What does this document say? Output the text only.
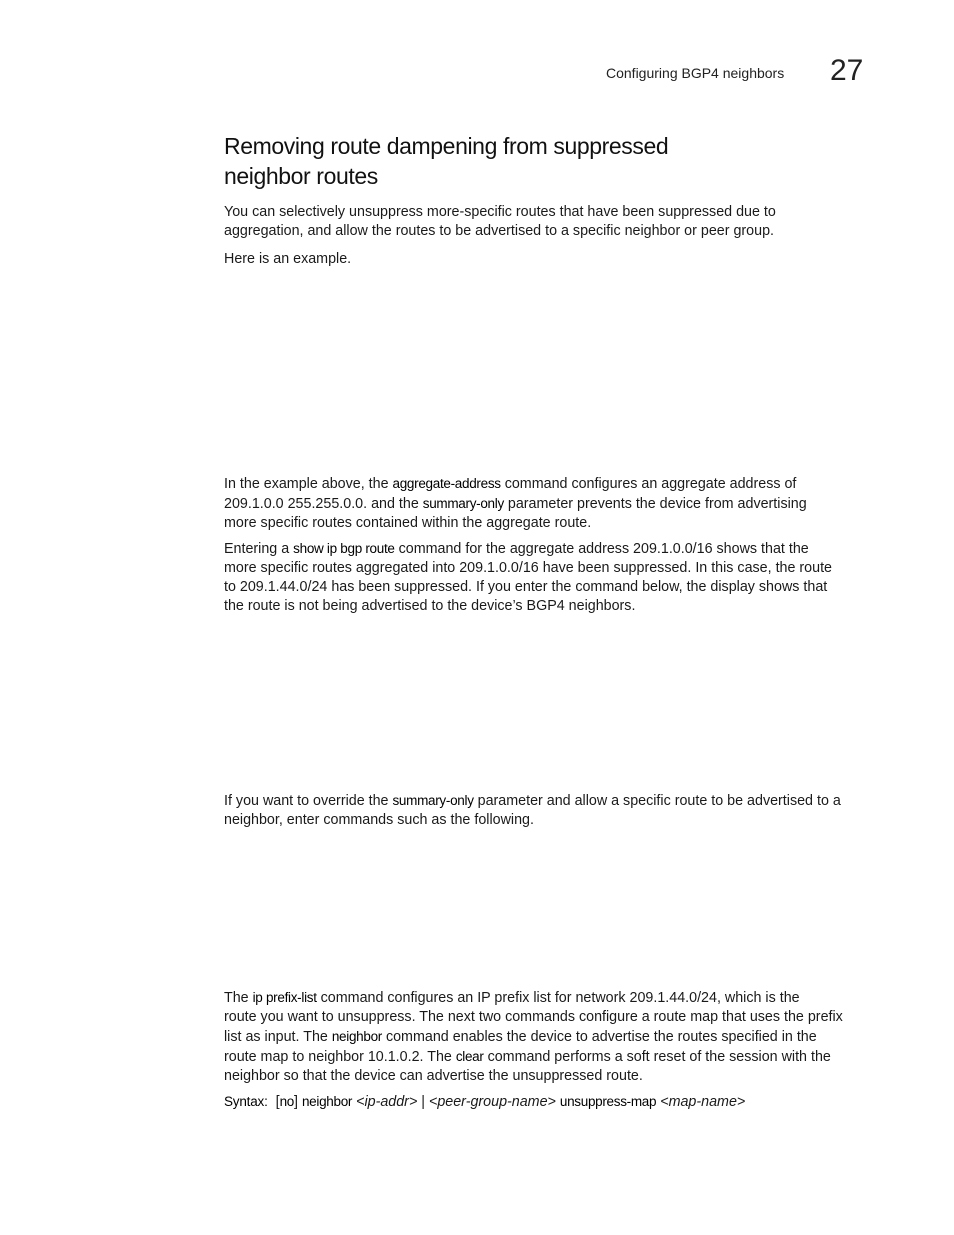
Configuring BGP4 neighbors 27
Removing route dampening from suppressed
neighbor routes

You can selectively unsuppress more-specific routes that have been suppressed due to
aggregation, and allow the routes to be advertised to a specific neighbor or peer group.

Here is an example.

In the example above, the aggregate-address command configures an aggregate address of
209.1.0.0 255.255.0.0. and the summary-only parameter prevents the device from advertising
more specific routes contained within the aggregate route.

Entering a show ip bgp route command for the aggregate address 209.1.0.0/16 shows that the
more specific routes aggregated into 209.1.0.0/16 have been suppressed. In this case, the route
to 209.1.44.0/24 has been suppressed. If you enter the command below, the display shows that
the route is not being advertised to the device’s BGP4 neighbors.

If you want to override the summary-only parameter and allow a specific route to be advertised to a
neighbor, enter commands such as the following.

The ip prefix-list command configures an IP prefix list for network 209.1.44.0/24, which is the
route you want to unsuppress. The next two commands configure a route map that uses the prefix
list as input. The neighbor command enables the device to advertise the routes specified in the
route map to neighbor 10.1.0.2. The clear command performs a soft reset of the session with the
neighbor so that the device can advertise the unsuppressed route.

Syntax: [no] neighbor <ip-addr> | <peer-group-name> unsuppress-map <map-name>
